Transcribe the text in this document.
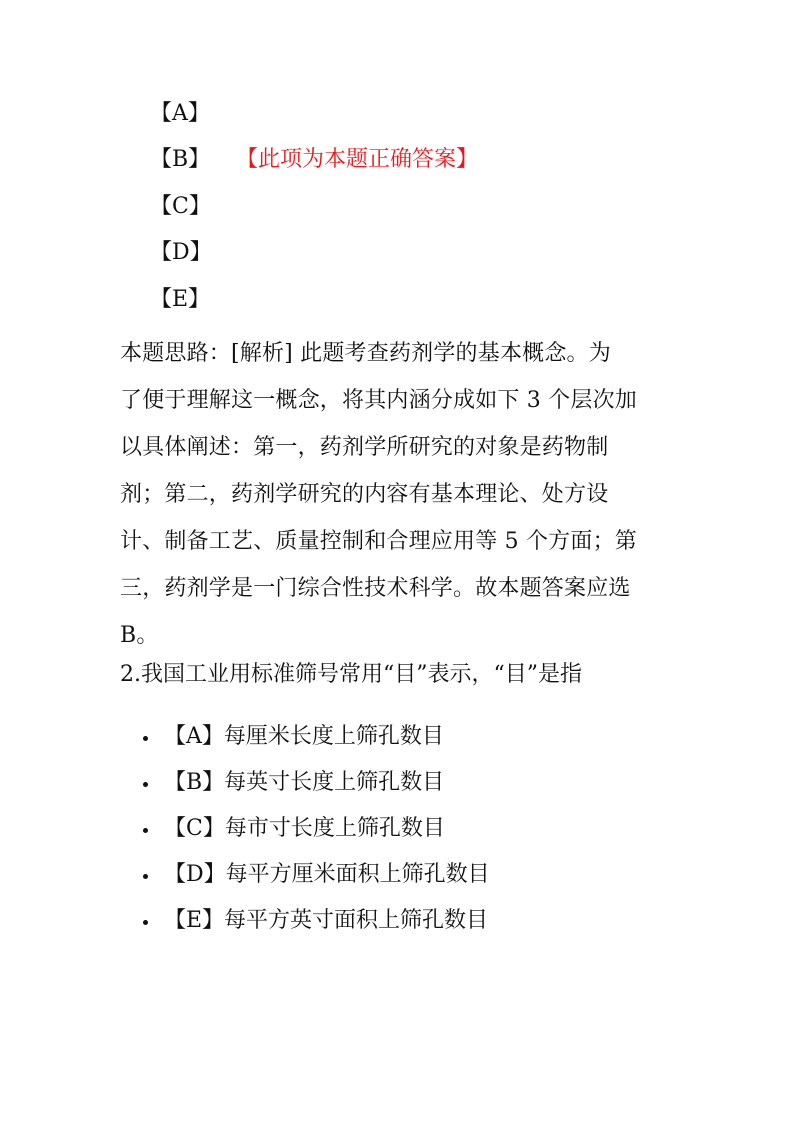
【A】
【B】 【此项为本题正确答案】
【C】
【D】
【E】

本题思路：[解析] 此题考查药剂学的基本概念。为
了便于理解这一概念，将其内涵分成如下 3 个层次加
以具体阐述：第一，药剂学所研究的对象是药物制
剂；第二，药剂学研究的内容有基本理论、处方设
计、制备工艺、质量控制和合理应用等 5 个方面；第
三，药剂学是一门综合性技术科学。故本题答案应选
B。

2.我国工业用标准筛号常用“目”表示，“目”是指

【A】每厘米长度上筛孔数目
【B】每英寸长度上筛孔数目
【C】每市寸长度上筛孔数目
【D】每平方厘米面积上筛孔数目
【E】每平方英寸面积上筛孔数目
